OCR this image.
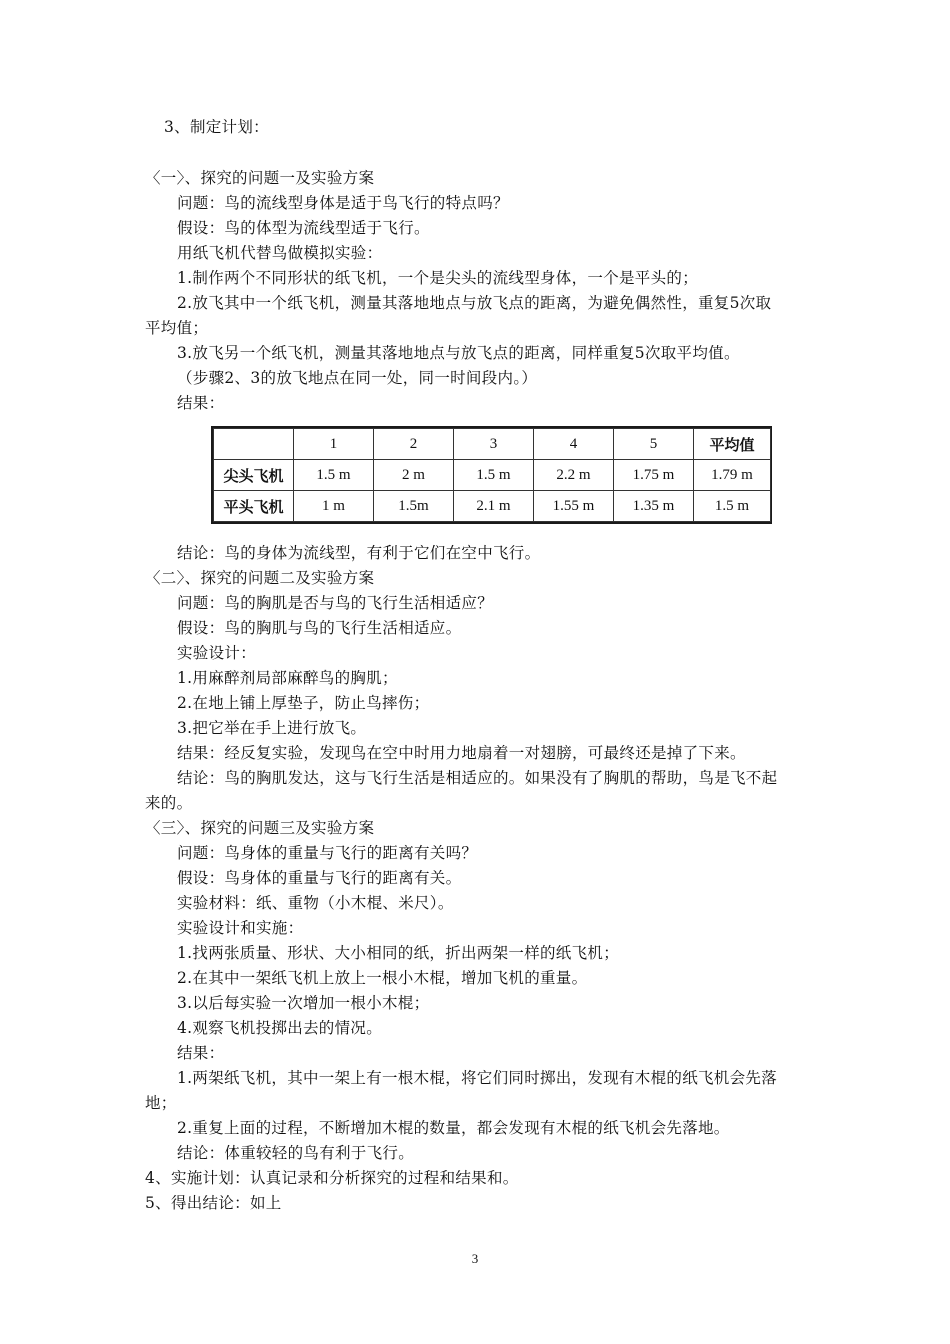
3、制定计划：
〈一〉、探究的问题一及实验方案
问题：鸟的流线型身体是适于鸟飞行的特点吗？
假设：鸟的体型为流线型适于飞行。
用纸飞机代替鸟做模拟实验：
1.制作两个不同形状的纸飞机，一个是尖头的流线型身体，一个是平头的；
2.放飞其中一个纸飞机，测量其落地地点与放飞点的距离，为避免偶然性，重复5次取
平均值；
3.放飞另一个纸飞机，测量其落地地点与放飞点的距离，同样重复5次取平均值。
（步骤2、3的放飞地点在同一处，同一时间段内。）
结果：
	1	2	3	4	5	平均值
尖头飞机	1.5 m	2 m	1.5 m	2.2 m	1.75 m	1.79 m
平头飞机	1 m	1.5m	2.1 m	1.55 m	1.35 m	1.5 m
结论：鸟的身体为流线型，有利于它们在空中飞行。
〈二〉、探究的问题二及实验方案
问题：鸟的胸肌是否与鸟的飞行生活相适应？
假设：鸟的胸肌与鸟的飞行生活相适应。
实验设计：
1.用麻醉剂局部麻醉鸟的胸肌；
2.在地上铺上厚垫子，防止鸟摔伤；
3.把它举在手上进行放飞。
结果：经反复实验，发现鸟在空中时用力地扇着一对翅膀，可最终还是掉了下来。
结论：鸟的胸肌发达，这与飞行生活是相适应的。如果没有了胸肌的帮助，鸟是飞不起
来的。
〈三〉、探究的问题三及实验方案
问题：鸟身体的重量与飞行的距离有关吗？
假设：鸟身体的重量与飞行的距离有关。
实验材料：纸、重物（小木棍、米尺）。
实验设计和实施：
1.找两张质量、形状、大小相同的纸，折出两架一样的纸飞机；
2.在其中一架纸飞机上放上一根小木棍，增加飞机的重量。
3.以后每实验一次增加一根小木棍；
4.观察飞机投掷出去的情况。
结果：
1.两架纸飞机，其中一架上有一根木棍，将它们同时掷出，发现有木棍的纸飞机会先落
地；
2.重复上面的过程，不断增加木棍的数量，都会发现有木棍的纸飞机会先落地。
结论：体重较轻的鸟有利于飞行。
4、实施计划：认真记录和分析探究的过程和结果和。
5、得出结论：如上
3
